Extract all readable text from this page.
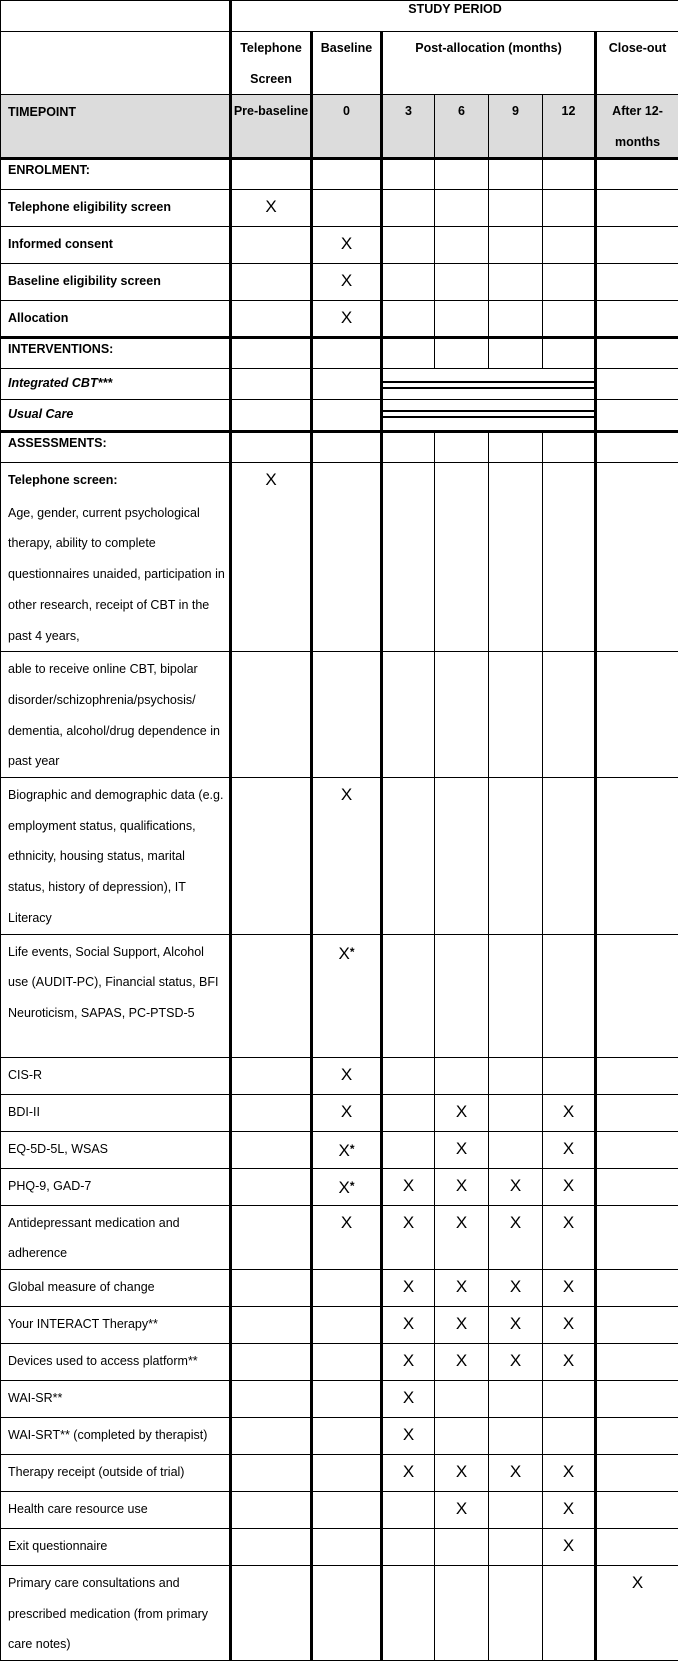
	STUDY PERIOD						
	Telephone Screen	Baseline	Post-allocation (months)				Close-out
TIMEPOINT	Pre-baseline	0	3	6	9	12	After 12-months
ENROLMENT:							
Telephone eligibility screen	X						
Informed consent		X					
Baseline eligibility screen		X					
Allocation		X					
INTERVENTIONS:							
Integrated CBT***						

Usual Care						

ASSESSMENTS:							
Telephone screen:	X						
Age, gender, current psychological therapy, ability to complete questionnaires unaided, participation in other research, receipt of CBT in the past 4 years,							
able to receive online CBT, bipolar disorder/schizophrenia/psychosis/ dementia, alcohol/drug dependence in past year							
Biographic and demographic data (e.g. employment status, qualifications, ethnicity, housing status, marital status, history of depression), IT Literacy		X					
Life events, Social Support, Alcohol use (AUDIT-PC), Financial status, BFI Neuroticism, SAPAS, PC-PTSD-5		X*					
CIS-R		X					
BDI-II		X		X		X	
EQ-5D-5L, WSAS		X*		X		X	
PHQ-9, GAD-7		X*	X	X	X	X	
Antidepressant medication and adherence		X	X	X	X	X	
Global measure of change			X	X	X	X	
Your INTERACT Therapy**			X	X	X	X	
Devices used to access platform**			X	X	X	X	
WAI-SR**			X				
WAI-SRT** (completed by therapist)			X				
Therapy receipt (outside of trial)			X	X	X	X	
Health care resource use				X		X	
Exit questionnaire						X	
Primary care consultations and prescribed medication (from primary care notes)							X
